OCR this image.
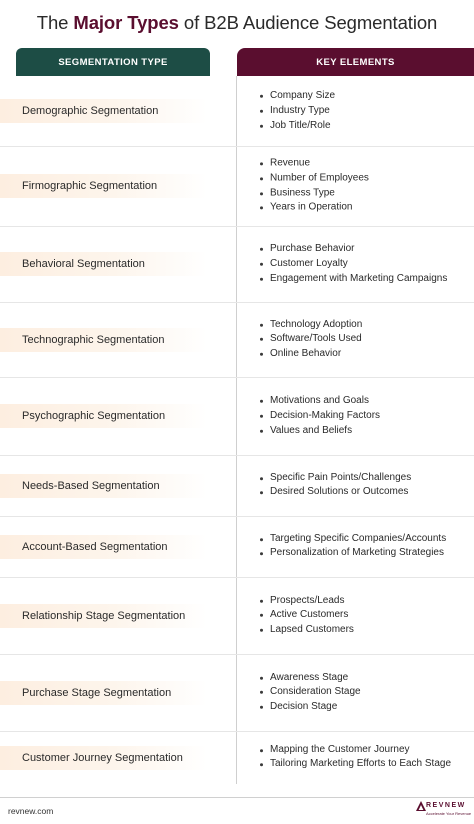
The Major Types of B2B Audience Segmentation
SEGMENTATION TYPE	KEY ELEMENTS
Demographic Segmentation
Company Size
Industry Type
Job Title/Role
Firmographic Segmentation
Revenue
Number of Employees
Business Type
Years in Operation
Behavioral Segmentation
Purchase Behavior
Customer Loyalty
Engagement with Marketing Campaigns
Technographic Segmentation
Technology Adoption
Software/Tools Used
Online Behavior
Psychographic Segmentation
Motivations and Goals
Decision-Making Factors
Values and Beliefs
Needs-Based Segmentation
Specific Pain Points/Challenges
Desired Solutions or Outcomes
Account-Based Segmentation
Targeting Specific Companies/Accounts
Personalization of Marketing Strategies
Relationship Stage Segmentation
Prospects/Leads
Active Customers
Lapsed Customers
Purchase Stage Segmentation
Awareness Stage
Consideration Stage
Decision Stage
Customer Journey Segmentation
Mapping the Customer Journey
Tailoring Marketing Efforts to Each Stage
revnew.com
REVNEW
Accelerate Your Revenue
